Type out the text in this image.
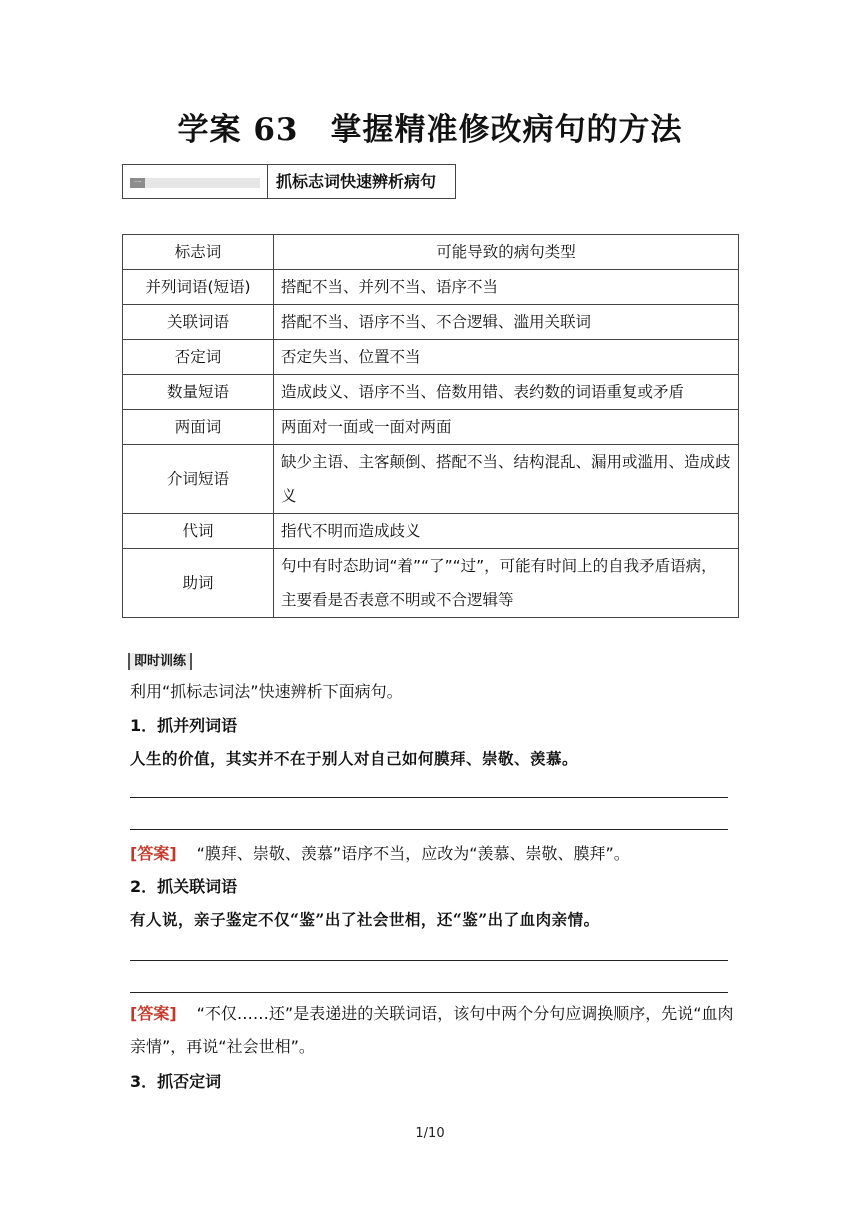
学案 63　掌握精准修改病句的方法
一	抓标志词快速辨析病句
标志词	可能导致的病句类型
并列词语(短语)	搭配不当、并列不当、语序不当
关联词语	搭配不当、语序不当、不合逻辑、滥用关联词
否定词	否定失当、位置不当
数量短语	造成歧义、语序不当、倍数用错、表约数的词语重复或矛盾
两面词	两面对一面或一面对两面
介词短语	缺少主语、主客颠倒、搭配不当、结构混乱、漏用或滥用、造成歧义
代词	指代不明而造成歧义
助词	句中有时态助词“着”“了”“过”，可能有时间上的自我矛盾语病，主要看是否表意不明或不合逻辑等
即时训练
利用“抓标志词法”快速辨析下面病句。
1．抓并列词语
人生的价值，其实并不在于别人对自己如何膜拜、崇敬、羡慕。
[答案] “膜拜、崇敬、羡慕”语序不当，应改为“羡慕、崇敬、膜拜”。
2．抓关联词语
有人说，亲子鉴定不仅“鉴”出了社会世相，还“鉴”出了血肉亲情。
[答案] “不仅……还”是表递进的关联词语，该句中两个分句应调换顺序，先说“血肉亲情”，再说“社会世相”。
3．抓否定词
1/10
